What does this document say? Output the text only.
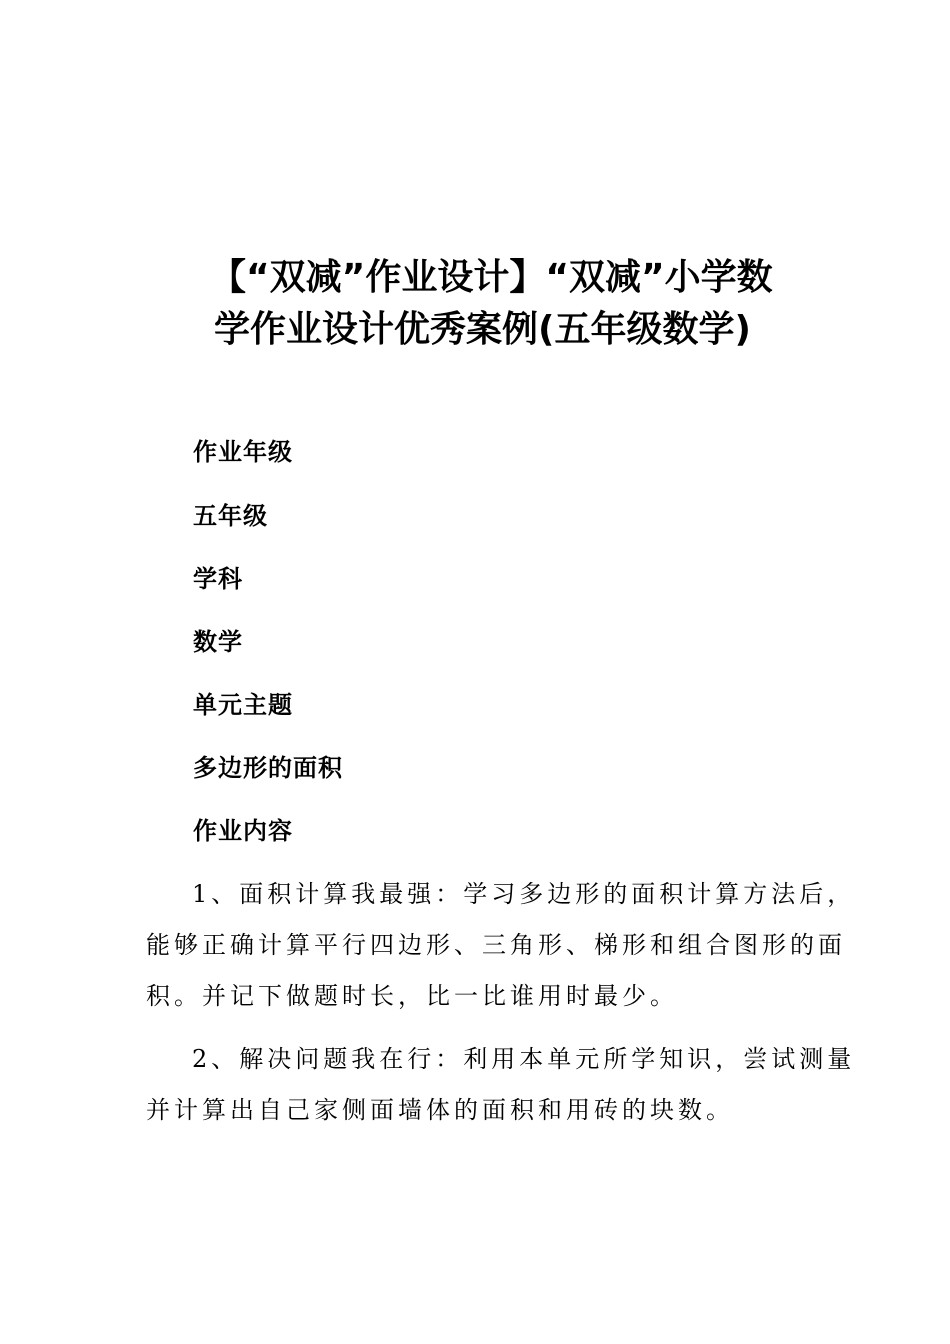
【“双减”作业设计】“双减”小学数
学作业设计优秀案例(五年级数学)

作业年级

五年级

学科

数学

单元主题

多边形的面积

作业内容

1、面积计算我最强：学习多边形的面积计算方法后，
能够正确计算平行四边形、三角形、梯形和组合图形的面
积。并记下做题时长，比一比谁用时最少。
2、解决问题我在行：利用本单元所学知识，尝试测量
并计算出自己家侧面墙体的面积和用砖的块数。
